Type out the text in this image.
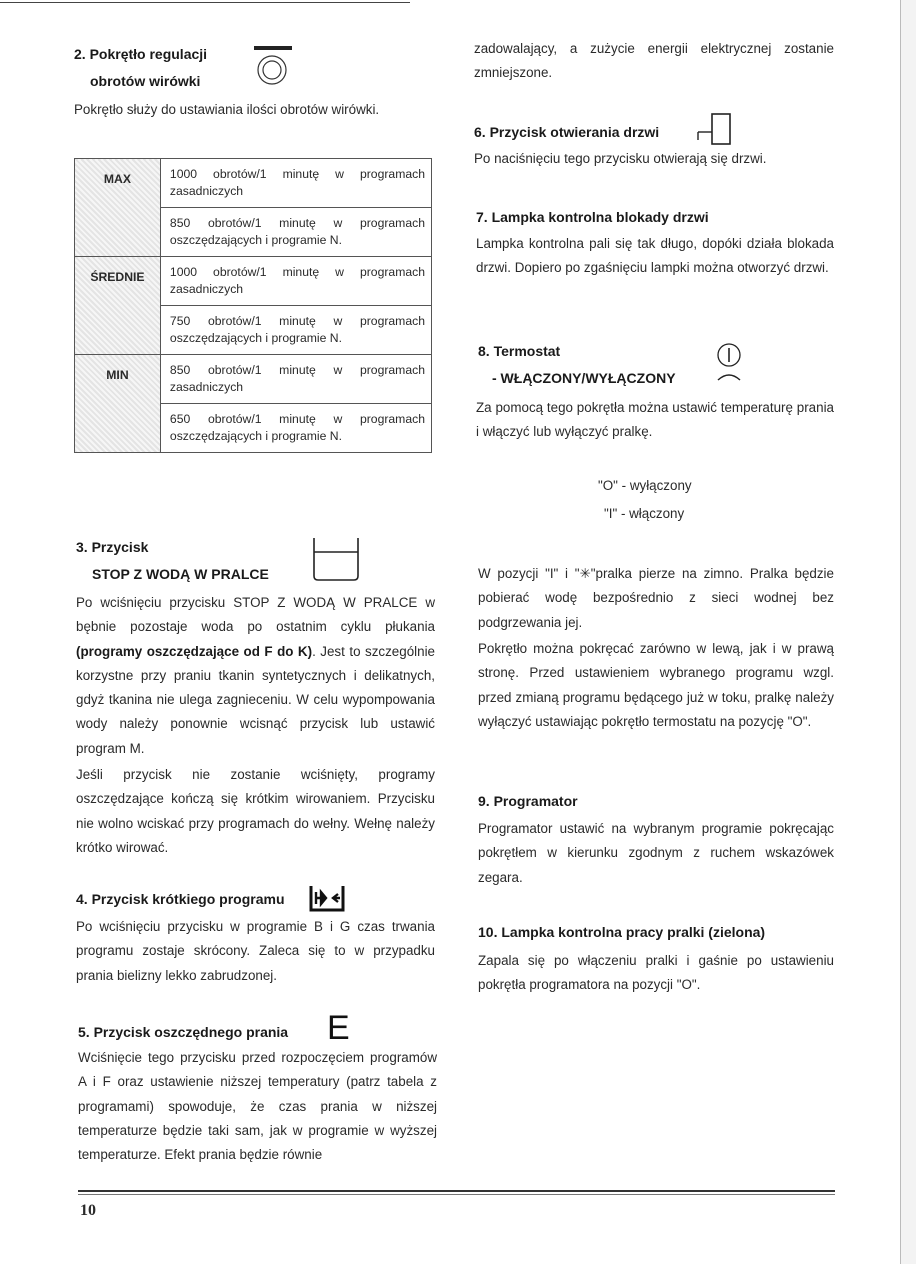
2. Pokrętło regulacji
obrotów wirówki
Pokrętło służy do ustawiania ilości obrotów wirówki.
MAX	1000 obrotów/1 minutę w programach zasadniczych
	850 obrotów/1 minutę w programach oszczędzających i programie N.

ŚREDNIE	1000 obrotów/1 minutę w programach zasadniczych
	750 obrotów/1 minutę w programach oszczędzających i programie N.

MIN	850 obrotów/1 minutę w programach zasadniczych
	650 obrotów/1 minutę w programach oszczędzających i programie N.
3. Przycisk
STOP Z WODĄ W PRALCE
Po wciśnięciu przycisku STOP Z WODĄ W PRALCE w bębnie pozostaje woda po ostatnim cyklu płukania (programy oszczędzające od F do K). Jest to szczególnie korzystne przy praniu tkanin syntetycznych i delikatnych, gdyż tkanina nie ulega zagnieceniu. W celu wypompowania wody należy ponownie wcisnąć przycisk lub ustawić program M.
Jeśli przycisk nie zostanie wciśnięty, programy oszczędzające kończą się krótkim wirowaniem. Przycisku nie wolno wciskać przy programach do wełny. Wełnę należy krótko wirować.
4. Przycisk krótkiego programu
Po wciśnięciu przycisku w programie B i G czas trwania programu zostaje skrócony. Zaleca się to w przypadku prania bielizny lekko zabrudzonej.
5. Przycisk oszczędnego prania E
Wciśnięcie tego przycisku przed rozpoczęciem programów A i F oraz ustawienie niższej temperatury (patrz tabela z programami) spowoduje, że czas prania w niższej temperaturze będzie taki sam, jak w programie w wyższej temperaturze. Efekt prania będzie równie
zadowalający, a zużycie energii elektrycznej zostanie zmniejszone.
6. Przycisk otwierania drzwi
Po naciśnięciu tego przycisku otwierają się drzwi.
7. Lampka kontrolna blokady drzwi
Lampka kontrolna pali się tak długo, dopóki działa blokada drzwi. Dopiero po zgaśnięciu lampki można otworzyć drzwi.
8. Termostat
- WŁĄCZONY/WYŁĄCZONY
Za pomocą tego pokrętła można ustawić temperaturę prania i włączyć lub wyłączyć pralkę.
"O" - wyłączony
"I" - włączony
W pozycji "I" i "✳"pralka pierze na zimno. Pralka będzie pobierać wodę bezpośrednio z sieci wodnej bez podgrzewania jej.
Pokrętło można pokręcać zarówno w lewą, jak i w prawą stronę. Przed ustawieniem wybranego programu wzgl. przed zmianą programu będącego już w toku, pralkę należy wyłączyć ustawiając pokrętło termostatu na pozycję "O".
9. Programator
Programator ustawić na wybranym programie pokręcając pokrętłem w kierunku zgodnym z ruchem wskazówek zegara.
10. Lampka kontrolna pracy pralki (zielona)
Zapala się po włączeniu pralki i gaśnie po ustawieniu pokrętła programatora na pozycji "O".
10
